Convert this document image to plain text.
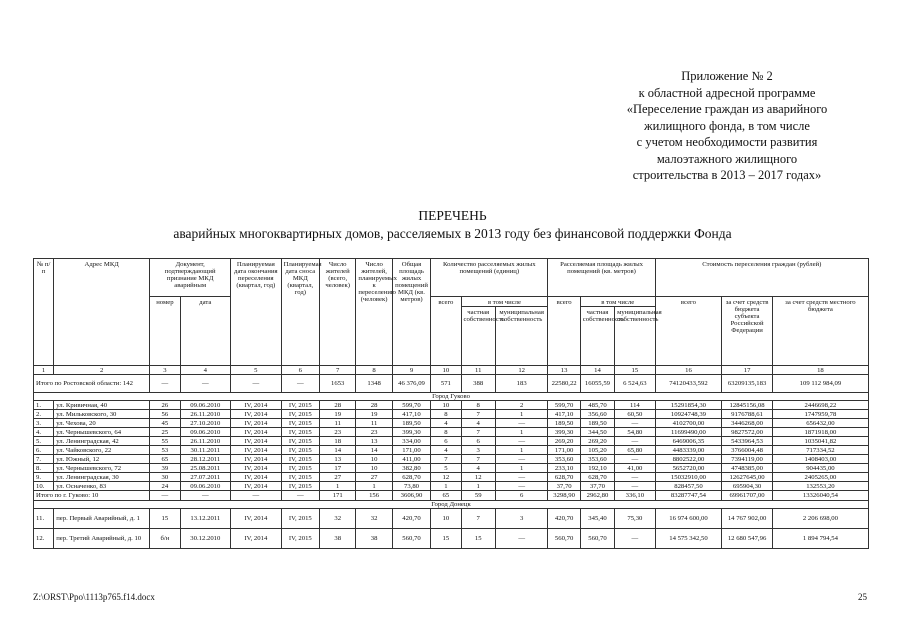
Приложение № 2
к областной адресной программе
«Переселение граждан из аварийного
жилищного фонда, в том числе
с учетом необходимости развития
малоэтажного жилищного
строительства в 2013 – 2017 годах»
ПЕРЕЧЕНЬ
аварийных многоквартирных домов, расселяемых в 2013 году без финансовой поддержки Фонда
№ п/п	Адрес МКД	Документ, подтверждающий признание МКД аварийным		Планируемая дата окончания переселения (квартал, год)	Планируемая дата сноса МКД (квартал, год)	Число жителей (всего, человек)	Число жителей, планируемых к переселению (человек)	Общая площадь жилых помещений МКД (кв. метров)	Количество расселяемых жилых помещений (единиц)			Расселяемая площадь жилых помещений (кв. метров)			Стоимость переселения граждан (рублей)		
		номер	дата						всего	в том числе		всего	в том числе		всего	за счет средств бюджета субъекта Российской Федерации	за счет средств местного бюджета
										частная собственность	муниципальная собственность		частная собственность	муниципальная собственность			

1	2	3	4	5	6	7	8	9	10	11	12	13	14	15	16	17	18
Итого по Ростовской области: 142		—	—	—	—	1653	1348	46 376,09	571	388	183	22580,22	16055,59	6 524,63	74120433,592	63209135,183	109 112 984,09
Город Гуково																	
1.	ул. Кривичная, 40	26	09.06.2010	IV, 2014	IV, 2015	28	28	599,70	10	8	2	599,70	485,70	114	15291854,30	12845156,08	2446698,22
2.	ул. Мильковского, 30	56	26.11.2010	IV, 2014	IV, 2015	19	19	417,10	8	7	1	417,10	356,60	60,50	10924748,39	9176788,61	1747959,78
3.	ул. Чехова, 20	45	27.10.2010	IV, 2014	IV, 2015	11	11	189,50	4	4	—	189,50	189,50	—	4102700,00	3446268,00	656432,00
4.	ул. Чернышевского, 64	25	09.06.2010	IV, 2014	IV, 2015	23	23	399,30	8	7	1	399,30	344,50	54,80	11699490,00	9827572,00	1871918,00
5.	ул. Ленинградская, 42	55	26.11.2010	IV, 2014	IV, 2015	18	13	334,00	6	6	—	269,20	269,20	—	6469006,35	5433964,53	1035041,82
6.	ул. Чайковского, 22	53	30.11.2011	IV, 2014	IV, 2015	14	14	171,00	4	3	1	171,00	105,20	65,80	4483339,00	3766004,48	717334,52
7.	ул. Южный, 12	65	28.12.2011	IV, 2014	IV, 2015	13	10	411,00	7	7	—	353,60	353,60	—	8802522,00	7394119,00	1408403,00
8.	ул. Чернышевского, 72	39	25.08.2011	IV, 2014	IV, 2015	17	10	382,80	5	4	1	233,10	192,10	41,00	5652720,00	4748385,00	904435,00
9.	ул. Ленинградская, 30	30	27.07.2011	IV, 2014	IV, 2015	27	27	628,70	12	12	—	628,70	628,70	—	15032910,00	12627645,00	2405265,00
10.	ул. Осначенко, 83	24	09.06.2010	IV, 2014	IV, 2015	1	1	73,80	1	1	—	37,70	37,70	—	828457,50	695904,30	132553,20
Итого по г. Гуково: 10		—	—	—	—	171	156	3606,90	65	59	6	3298,90	2962,80	336,10	83287747,54	69961707,00	13326040,54
Город Донецк																	
11.	пер. Первый Аварийный, д. 1	15	13.12.2011	IV, 2014	IV, 2015	32	32	420,70	10	7	3	420,70	345,40	75,30	16 974 600,00	14 767 902,00	2 206 698,00
12.	пер. Третий Аварийный, д. 10	б/н	30.12.2010	IV, 2014	IV, 2015	38	38	560,70	15	15	—	560,70	560,70	—	14 575 342,50	12 680 547,96	1 894 794,54
Z:\ORST\Ppo\1113p765.f14.docx	25
